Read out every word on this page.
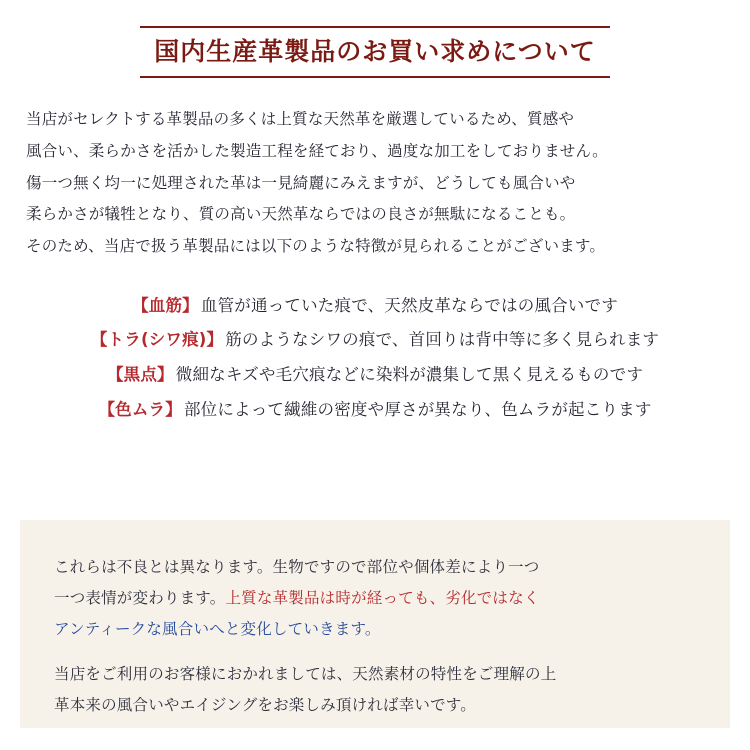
国内生産革製品のお買い求めについて

当店がセレクトする革製品の多くは上質な天然革を厳選しているため、質感や

風合い、柔らかさを活かした製造工程を経ており、過度な加工をしておりません。

傷一つ無く均一に処理された革は一見綺麗にみえますが、どうしても風合いや

柔らかさが犠牲となり、質の高い天然革ならではの良さが無駄になることも。

そのため、当店で扱う革製品には以下のような特徴が見られることがございます。

【血筋】 血管が通っていた痕で、天然皮革ならではの風合いです
【トラ(シワ痕)】 筋のようなシワの痕で、首回りは背中等に多く見られます
【黒点】 微細なキズや毛穴痕などに染料が濃集して黒く見えるものです
【色ムラ】 部位によって繊維の密度や厚さが異なり、色ムラが起こります

これらは不良とは異なります。生物ですので部位や個体差により一つ

一つ表情が変わります。上質な革製品は時が経っても、劣化ではなく

アンティークな風合いへと変化していきます。

当店をご利用のお客様におかれましては、天然素材の特性をご理解の上

革本来の風合いやエイジングをお楽しみ頂ければ幸いです。
